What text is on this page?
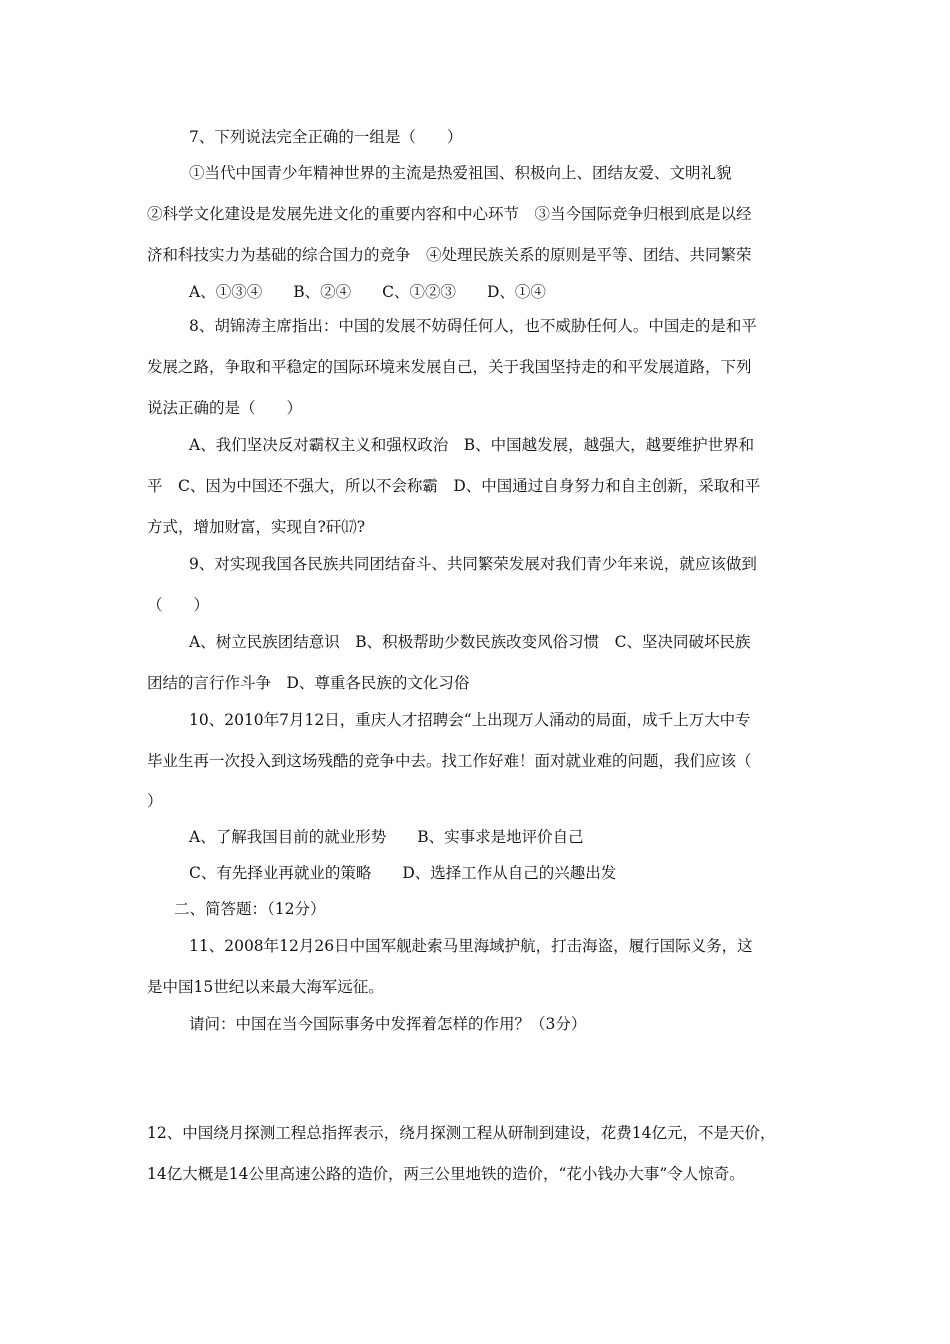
7、下列说法完全正确的一组是（　　）
①当代中国青少年精神世界的主流是热爱祖国、积极向上、团结友爱、文明礼貌
②科学文化建设是发展先进文化的重要内容和中心环节　③当今国际竞争归根到底是以经
济和科技实力为基础的综合国力的竞争　④处理民族关系的原则是平等、团结、共同繁荣
A、①③④　　B、②④　　C、①②③　　D、①④
8、胡锦涛主席指出：中国的发展不妨碍任何人，也不威胁任何人。中国走的是和平
发展之路，争取和平稳定的国际环境来发展自己，关于我国坚持走的和平发展道路，下列
说法正确的是（　　）
A、我们坚决反对霸权主义和强权政治　B、中国越发展，越强大，越要维护世界和
平　C、因为中国还不强大，所以不会称霸　D、中国通过自身努力和自主创新，采取和平
方式，增加财富，实现自?矸⒄?
9、对实现我国各民族共同团结奋斗、共同繁荣发展对我们青少年来说，就应该做到
（　　）
A、树立民族团结意识　B、积极帮助少数民族改变风俗习惯　C、坚决同破坏民族
团结的言行作斗争　D、尊重各民族的文化习俗
10、2010年7月12日，重庆人才招聘会“上出现万人涌动的局面，成千上万大中专
毕业生再一次投入到这场残酷的竞争中去。找工作好难！面对就业难的问题，我们应该（
）
A、了解我国目前的就业形势　　B、实事求是地评价自己
C、有先择业再就业的策略　　D、选择工作从自己的兴趣出发
二、简答题：（12分）
11、2008年12月26日中国军舰赴索马里海域护航，打击海盗，履行国际义务，这
是中国15世纪以来最大海军远征。
请问：中国在当今国际事务中发挥着怎样的作用？（3分）
12、中国绕月探测工程总指挥表示，绕月探测工程从研制到建设，花费14亿元，不是天价，
14亿大概是14公里高速公路的造价，两三公里地铁的造价，“花小钱办大事”令人惊奇。
